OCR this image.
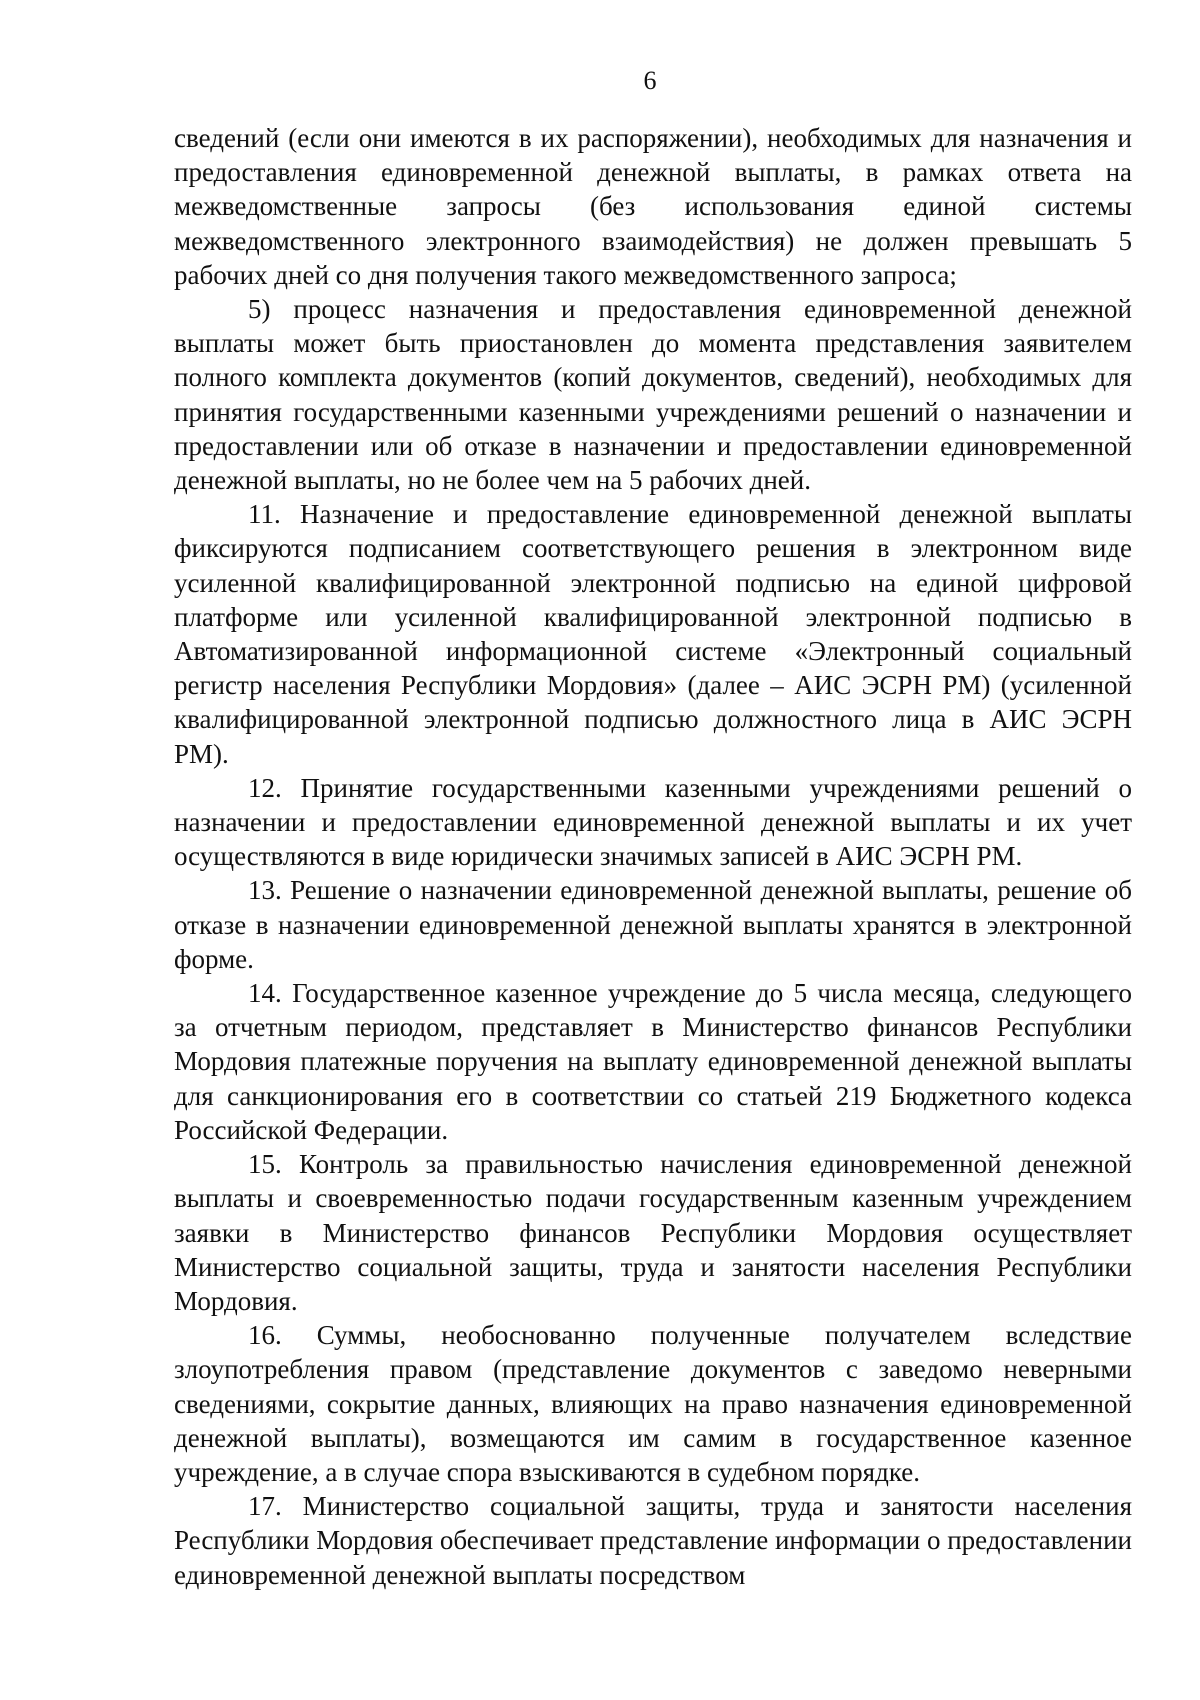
6

сведений (если они имеются в их распоряжении), необходимых для назначения и предоставления единовременной денежной выплаты, в рамках ответа на межведомственные запросы (без использования единой системы межведомственного электронного взаимодействия) не должен превышать 5 рабочих дней со дня получения такого межведомственного запроса;

5) процесс назначения и предоставления единовременной денежной выплаты может быть приостановлен до момента представления заявителем полного комплекта документов (копий документов, сведений), необходимых для принятия государственными казенными учреждениями решений о назначении и предоставлении или об отказе в назначении и предоставлении единовременной денежной выплаты, но не более чем на 5 рабочих дней.

11. Назначение и предоставление единовременной денежной выплаты фиксируются подписанием соответствующего решения в электронном виде усиленной квалифицированной электронной подписью на единой цифровой платформе или усиленной квалифицированной электронной подписью в Автоматизированной информационной системе «Электронный социальный регистр населения Республики Мордовия» (далее – АИС ЭСРН РМ) (усиленной квалифицированной электронной подписью должностного лица в АИС ЭСРН РМ).

12. Принятие государственными казенными учреждениями решений о назначении и предоставлении единовременной денежной выплаты и их учет осуществляются в виде юридически значимых записей в АИС ЭСРН РМ.

13. Решение о назначении единовременной денежной выплаты, решение об отказе в назначении единовременной денежной выплаты хранятся в электронной форме.

14. Государственное казенное учреждение до 5 числа месяца, следующего за отчетным периодом, представляет в Министерство финансов Республики Мордовия платежные поручения на выплату единовременной денежной выплаты для санкционирования его в соответствии со статьей 219 Бюджетного кодекса Российской Федерации.

15. Контроль за правильностью начисления единовременной денежной выплаты и своевременностью подачи государственным казенным учреждением заявки в Министерство финансов Республики Мордовия осуществляет Министерство социальной защиты, труда и занятости населения Республики Мордовия.

16. Суммы, необоснованно полученные получателем вследствие злоупотребления правом (представление документов с заведомо неверными сведениями, сокрытие данных, влияющих на право назначения единовременной денежной выплаты), возмещаются им самим в государственное казенное учреждение, а в случае спора взыскиваются в судебном порядке.

17. Министерство социальной защиты, труда и занятости населения Республики Мордовия обеспечивает представление информации о предоставлении единовременной денежной выплаты посредством
